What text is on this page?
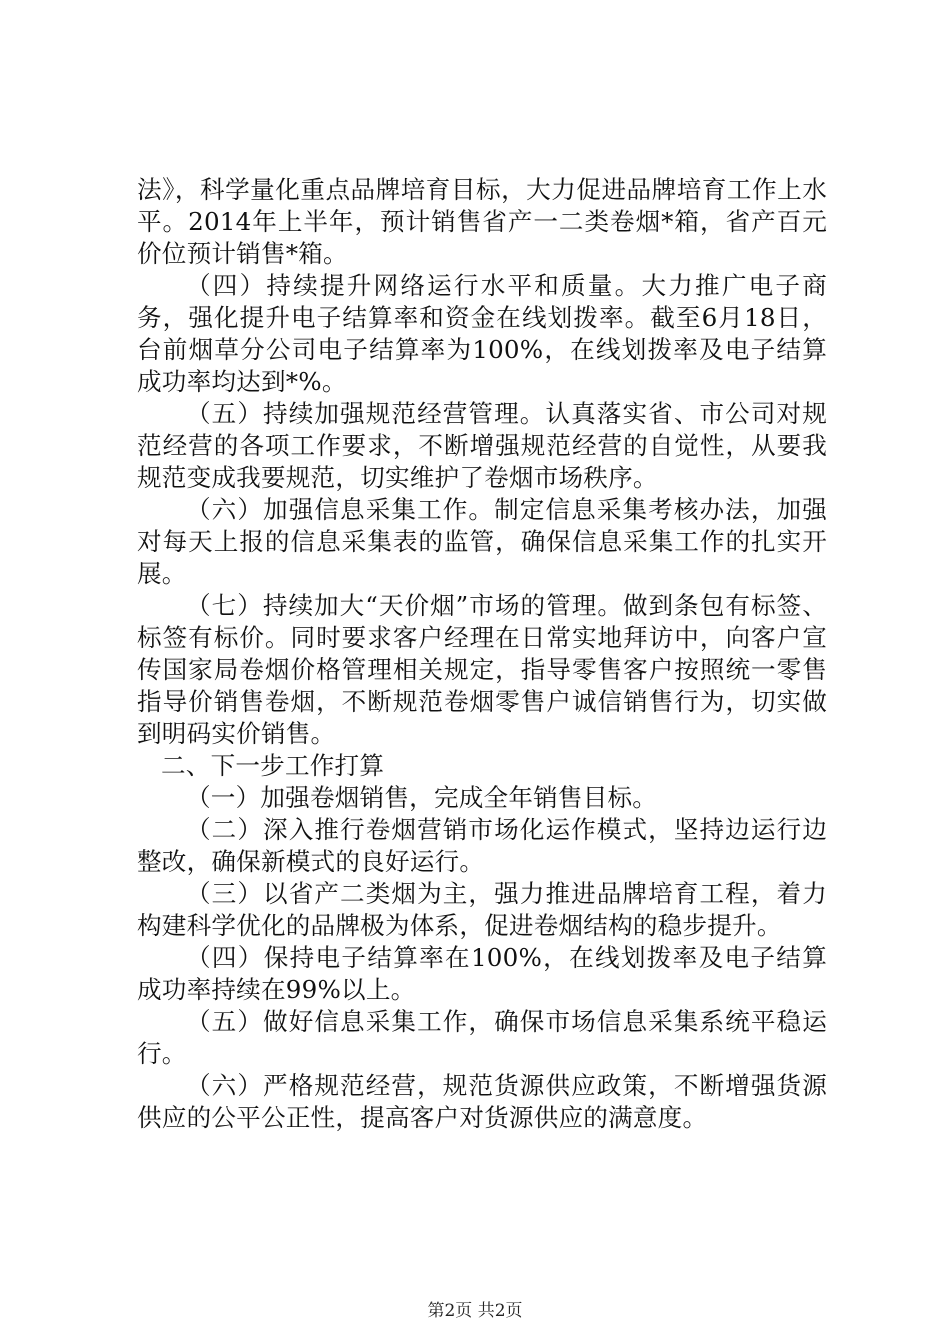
法》，科学量化重点品牌培育目标，大力促进品牌培育工作上水平。2014年上半年，预计销售省产一二类卷烟*箱，省产百元价位预计销售*箱。

（四）持续提升网络运行水平和质量。大力推广电子商务，强化提升电子结算率和资金在线划拨率。截至6月18日，台前烟草分公司电子结算率为100%，在线划拨率及电子结算成功率均达到*%。

（五）持续加强规范经营管理。认真落实省、市公司对规范经营的各项工作要求，不断增强规范经营的自觉性，从要我规范变成我要规范，切实维护了卷烟市场秩序。

（六）加强信息采集工作。制定信息采集考核办法，加强对每天上报的信息采集表的监管，确保信息采集工作的扎实开展。

（七）持续加大“天价烟”市场的管理。做到条包有标签、标签有标价。同时要求客户经理在日常实地拜访中，向客户宣传国家局卷烟价格管理相关规定，指导零售客户按照统一零售指导价销售卷烟，不断规范卷烟零售户诚信销售行为，切实做到明码实价销售。

二、下一步工作打算

（一）加强卷烟销售，完成全年销售目标。

（二）深入推行卷烟营销市场化运作模式，坚持边运行边整改，确保新模式的良好运行。

（三）以省产二类烟为主，强力推进品牌培育工程，着力构建科学优化的品牌极为体系，促进卷烟结构的稳步提升。

（四）保持电子结算率在100%，在线划拨率及电子结算成功率持续在99%以上。

（五）做好信息采集工作，确保市场信息采集系统平稳运行。

（六）严格规范经营，规范货源供应政策，不断增强货源供应的公平公正性，提高客户对货源供应的满意度。

第2页 共2页
